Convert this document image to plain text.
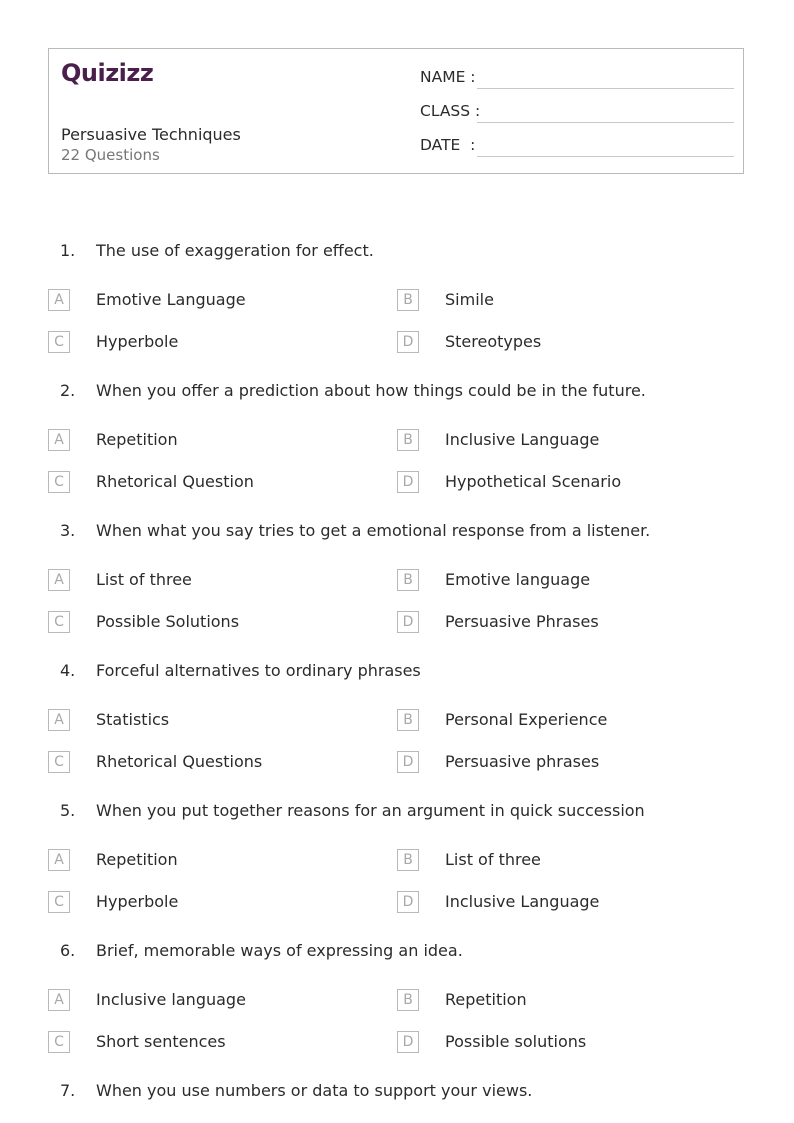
Quizizz
Persuasive Techniques
22 Questions
NAME :
CLASS :
DATE  :
1. The use of exaggeration for effect.
A	Emotive Language	B	Simile
C	Hyperbole	D	Stereotypes
2. When you offer a prediction about how things could be in the future.
A	Repetition	B	Inclusive Language
C	Rhetorical Question	D	Hypothetical Scenario
3. When what you say tries to get a emotional response from a listener.
A	List of three	B	Emotive language
C	Possible Solutions	D	Persuasive Phrases
4. Forceful alternatives to ordinary phrases
A	Statistics	B	Personal Experience
C	Rhetorical Questions	D	Persuasive phrases
5. When you put together reasons for an argument in quick succession
A	Repetition	B	List of three
C	Hyperbole	D	Inclusive Language
6. Brief, memorable ways of expressing an idea.
A	Inclusive language	B	Repetition
C	Short sentences	D	Possible solutions
7. When you use numbers or data to support your views.
